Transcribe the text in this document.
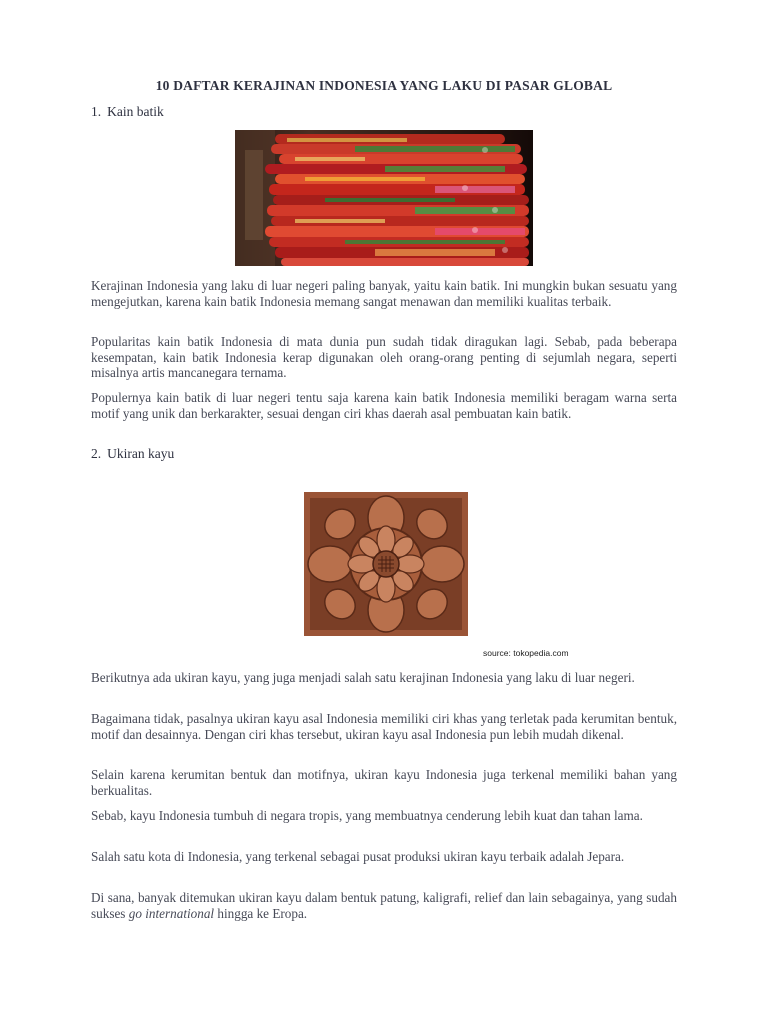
10 DAFTAR KERAJINAN INDONESIA YANG LAKU DI PASAR GLOBAL
1. Kain batik

Kerajinan Indonesia yang laku di luar negeri paling banyak, yaitu kain batik. Ini mungkin bukan sesuatu yang mengejutkan, karena kain batik Indonesia memang sangat menawan dan memiliki kualitas terbaik.

Popularitas kain batik Indonesia di mata dunia pun sudah tidak diragukan lagi. Sebab, pada beberapa kesempatan, kain batik Indonesia kerap digunakan oleh orang-orang penting di sejumlah negara, seperti misalnya artis mancanegara ternama.

Populernya kain batik di luar negeri tentu saja karena kain batik Indonesia memiliki beragam warna serta motif yang unik dan berkarakter, sesuai dengan ciri khas daerah asal pembuatan kain batik.

2. Ukiran kayu
source: tokopedia.com

Berikutnya ada ukiran kayu, yang juga menjadi salah satu kerajinan Indonesia yang laku di luar negeri.

Bagaimana tidak, pasalnya ukiran kayu asal Indonesia memiliki ciri khas yang terletak pada kerumitan bentuk, motif dan desainnya. Dengan ciri khas tersebut, ukiran kayu asal Indonesia pun lebih mudah dikenal.

Selain karena kerumitan bentuk dan motifnya, ukiran kayu Indonesia juga terkenal memiliki bahan yang berkualitas.

Sebab, kayu Indonesia tumbuh di negara tropis, yang membuatnya cenderung lebih kuat dan tahan lama.

Salah satu kota di Indonesia, yang terkenal sebagai pusat produksi ukiran kayu terbaik adalah Jepara.

Di sana, banyak ditemukan ukiran kayu dalam bentuk patung, kaligrafi, relief dan lain sebagainya, yang sudah sukses go international hingga ke Eropa.
